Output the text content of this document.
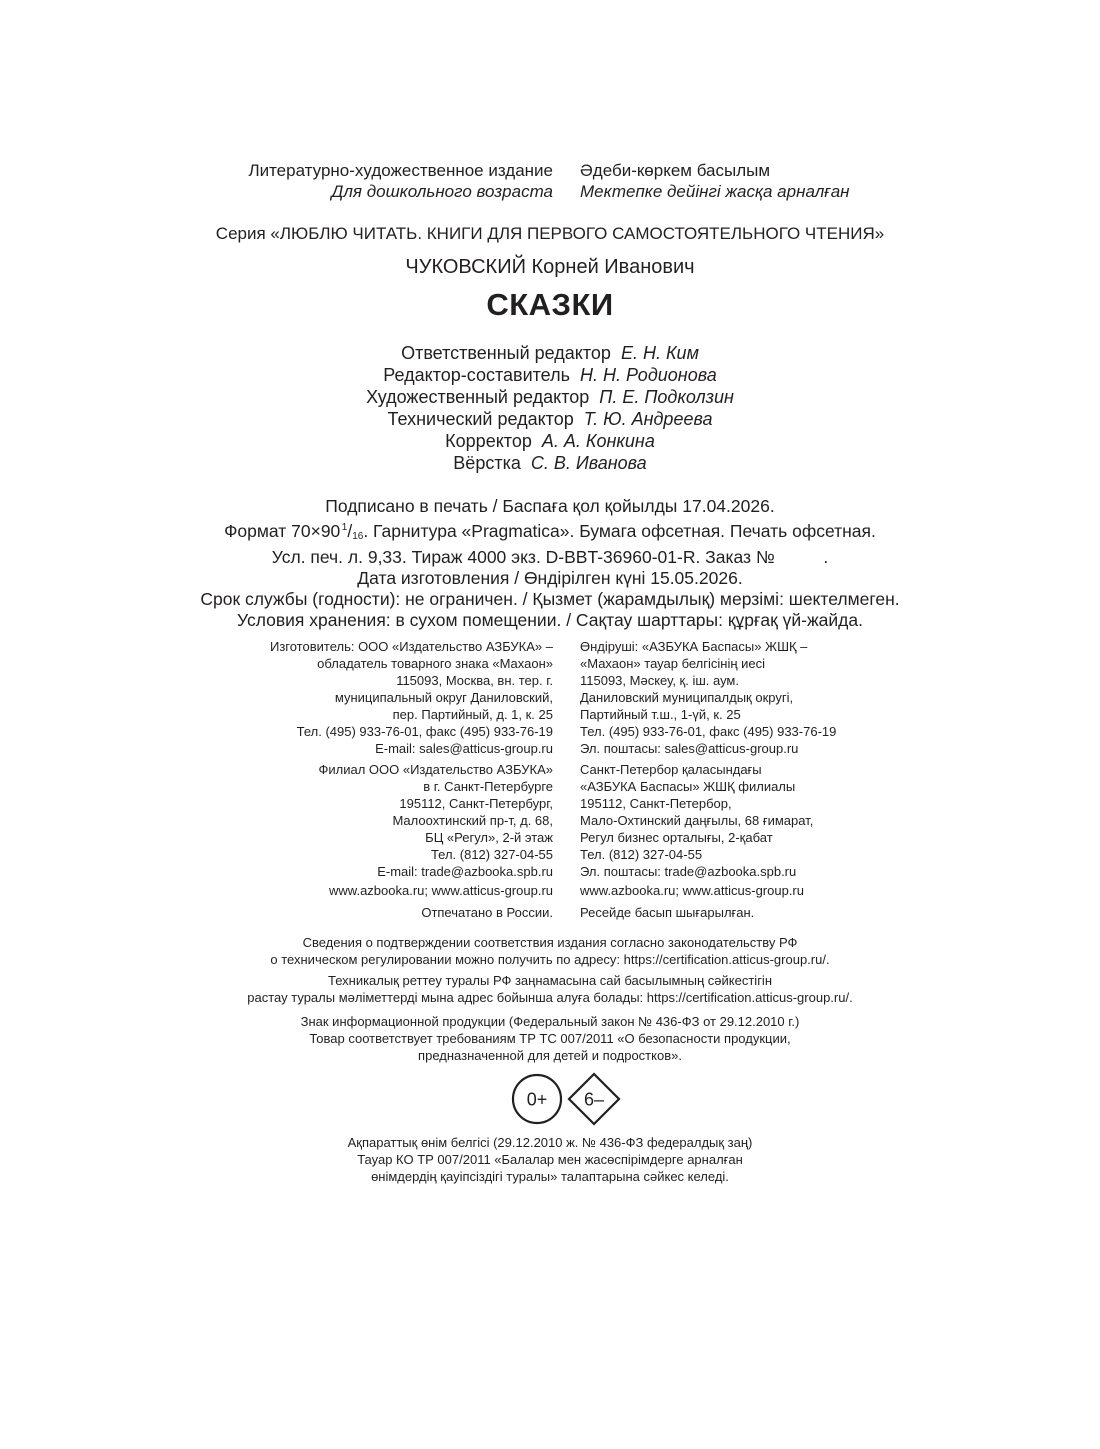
Литературно-художественное издание
Для дошкольного возраста
Әдеби-көркем басылым
Мектепке дейінгі жасқа арналған
Серия «ЛЮБЛЮ ЧИТАТЬ. КНИГИ ДЛЯ ПЕРВОГО САМОСТОЯТЕЛЬНОГО ЧТЕНИЯ»
ЧУКОВСКИЙ Корней Иванович
СКАЗКИ
Ответственный редактор Е. Н. Ким
Редактор-составитель Н. Н. Родионова
Художественный редактор П. Е. Подколзин
Технический редактор Т. Ю. Андреева
Корректор А. А. Конкина
Вёрстка С. В. Иванова
Подписано в печать / Баспаға қол қойылды 17.04.2026.
Формат 70×90 $^1/_{16}$. Гарнитура «Pragmatica». Бумага офсетная. Печать офсетная.
Усл. печ. л. 9,33. Тираж 4000 экз. D-BBT-36960-01-R. Заказ №          .
Дата изготовления / Өндірілген күні 15.05.2026.
Срок службы (годности): не ограничен. / Қызмет (жарамдылық) мерзімі: шектелмеген.
Условия хранения: в сухом помещении. / Сақтау шарттары: құрғақ үй-жайда.
Изготовитель: ООО «Издательство АЗБУКА» –
обладатель товарного знака «Махаон»
115093, Москва, вн. тер. г.
муниципальный округ Даниловский,
пер. Партийный, д. 1, к. 25
Тел. (495) 933-76-01, факс (495) 933-76-19
E-mail: sales@atticus-group.ru
Өндіруші: «АЗБУКА Баспасы» ЖШҚ –
«Махаон» тауар белгісінің иесі
115093, Мәскеу, қ. іш. аум.
Даниловский муниципалдық округі,
Партийный т.ш., 1-үй, к. 25
Тел. (495) 933-76-01, факс (495) 933-76-19
Эл. поштасы: sales@atticus-group.ru
Филиал ООО «Издательство АЗБУКА»
в г. Санкт-Петербурге
195112, Санкт-Петербург,
Малоохтинский пр-т, д. 68,
БЦ «Регул», 2-й этаж
Тел. (812) 327-04-55
E-mail: trade@azbooka.spb.ru
Санкт-Петербор қаласындағы
«АЗБУКА Баспасы» ЖШҚ филиалы
195112, Санкт-Петербор,
Мало-Охтинский даңғылы, 68 ғимарат,
Регул бизнес орталығы, 2-қабат
Тел. (812) 327-04-55
Эл. поштасы: trade@azbooka.spb.ru
www.azbooka.ru; www.atticus-group.ru www.azbooka.ru; www.atticus-group.ru
Отпечатано в России. Ресейде басып шығарылған.
Сведения о подтверждении соответствия издания согласно законодательству РФ
о техническом регулировании можно получить по адресу: https://certification.atticus-group.ru/.
Техникалық реттеу туралы РФ заңнамасына сай басылымның сәйкестігін
растау туралы мәліметтерді мына адрес бойынша алуға болады: https://certification.atticus-group.ru/.
Знак информационной продукции (Федеральный закон № 436-ФЗ от 29.12.2010 г.)
Товар соответствует требованиям ТР ТС 007/2011 «О безопасности продукции,
предназначенной для детей и подростков».
0+ 6–
Ақпараттық өнім белгісі (29.12.2010 ж. № 436-ФЗ федералдық заң)
Тауар КО ТР 007/2011 «Балалар мен жасөспірімдерге арналған
өнімдердің қауіпсіздігі туралы» талаптарына сәйкес келеді.
